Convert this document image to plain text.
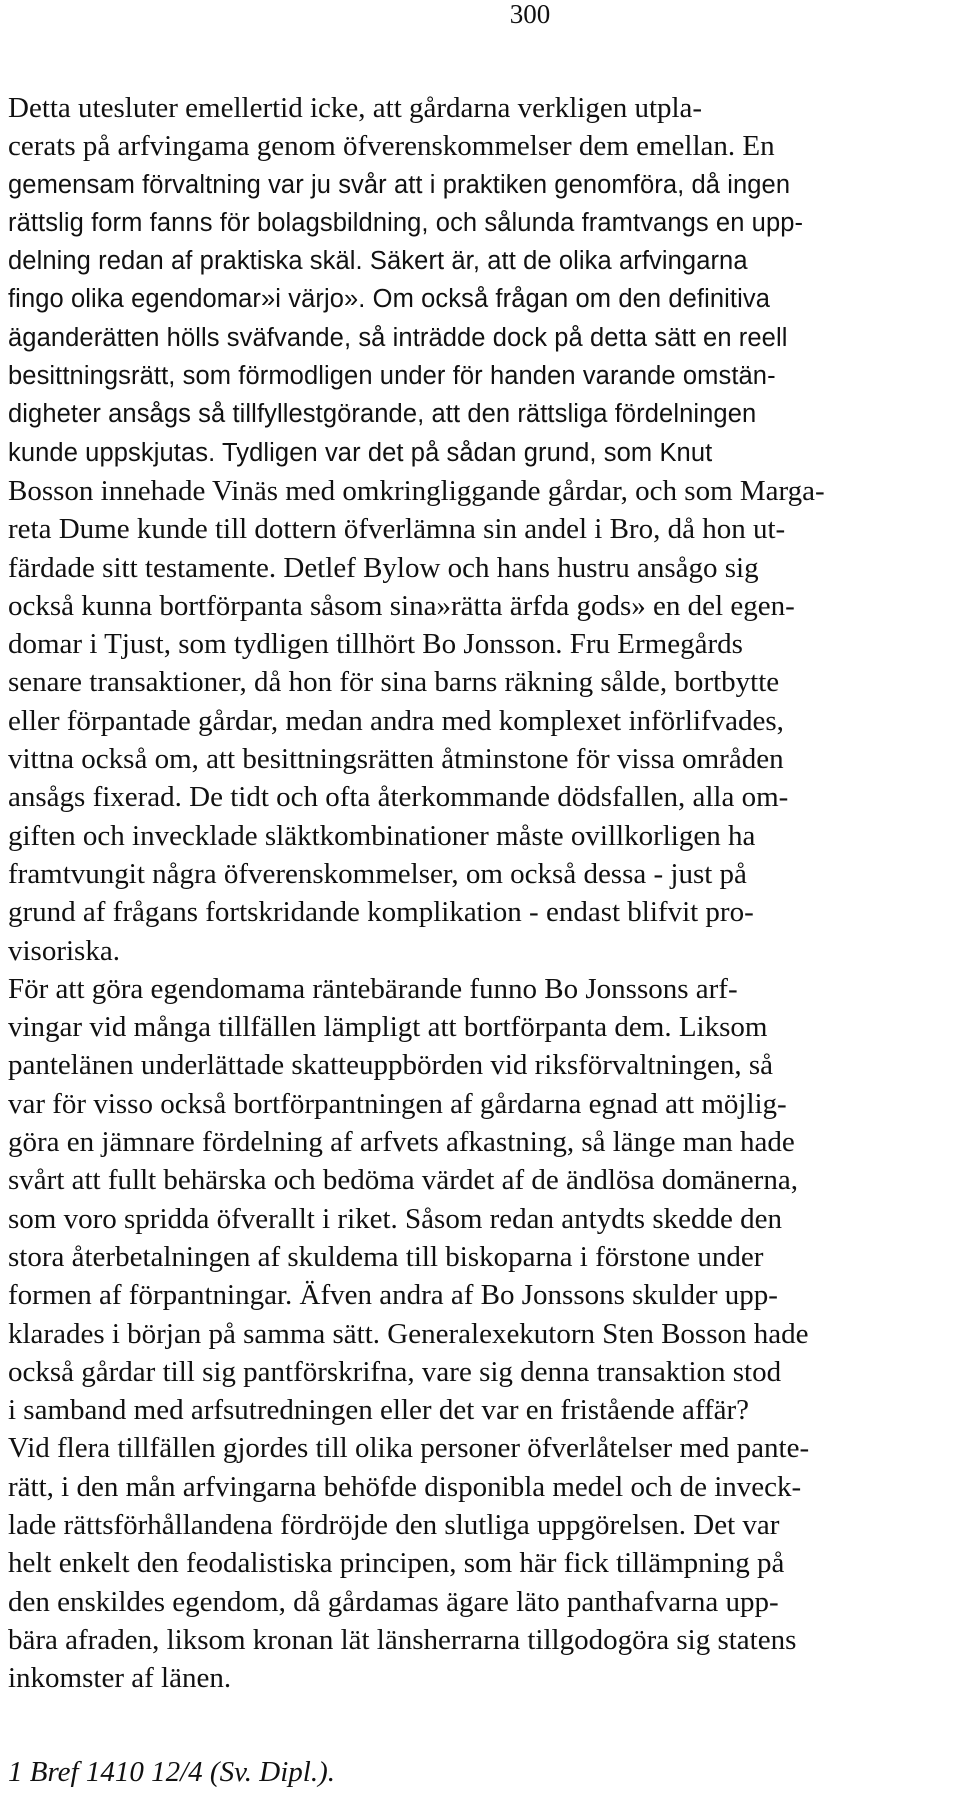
300
Detta utesluter emellertid icke, att gårdarna verkligen utpla-
cerats på arfvingama genom öfverenskommelser dem emellan. En
gemensam förvaltning var ju svår att i praktiken genomföra, då ingen
rättslig form fanns för bolagsbildning, och sålunda framtvangs en upp-
delning redan af praktiska skäl. Säkert är, att de olika arfvingarna
fingo olika egendomar»i värjo». Om också frågan om den definitiva
äganderätten hölls sväfvande, så inträdde dock på detta sätt en reell
besittningsrätt, som förmodligen under för handen varande omstän-
digheter ansågs så tillfyllestgörande, att den rättsliga fördelningen
kunde uppskjutas. Tydligen var det på sådan grund, som Knut
Bosson innehade Vinäs med omkringliggande gårdar, och som Marga-
reta Dume kunde till dottern öfverlämna sin andel i Bro, då hon ut-
färdade sitt testamente. Detlef Bylow och hans hustru ansågo sig
också kunna bortförpanta såsom sina»rätta ärfda gods» en del egen-
domar i Tjust, som tydligen tillhört Bo Jonsson. Fru Ermegårds
senare transaktioner, då hon för sina barns räkning sålde, bortbytte
eller förpantade gårdar, medan andra med komplexet införlifvades,
vittna också om, att besittningsrätten åtminstone för vissa områden
ansågs fixerad. De tidt och ofta återkommande dödsfallen, alla om-
giften och invecklade släktkombinationer måste ovillkorligen ha
framtvungit några öfverenskommelser, om också dessa - just på
grund af frågans fortskridande komplikation - endast blifvit pro-
visoriska.
För att göra egendomama räntebärande funno Bo Jonssons arf-
vingar vid många tillfällen lämpligt att bortförpanta dem. Liksom
pantelänen underlättade skatteuppbörden vid riksförvaltningen, så
var för visso också bortförpantningen af gårdarna egnad att möjlig-
göra en jämnare fördelning af arfvets afkastning, så länge man hade
svårt att fullt behärska och bedöma värdet af de ändlösa domänerna,
som voro spridda öfverallt i riket. Såsom redan antydts skedde den
stora återbetalningen af skuldema till biskoparna i förstone under
formen af förpantningar. Äfven andra af Bo Jonssons skulder upp-
klarades i början på samma sätt. Generalexekutorn Sten Bosson hade
också gårdar till sig pantförskrifna, vare sig denna transaktion stod
i samband med arfsutredningen eller det var en fristående affär?
Vid flera tillfällen gjordes till olika personer öfverlåtelser med pante-
rätt, i den mån arfvingarna behöfde disponibla medel och de inveck-
lade rättsförhållandena fördröjde den slutliga uppgörelsen. Det var
helt enkelt den feodalistiska principen, som här fick tillämpning på
den enskildes egendom, då gårdamas ägare läto panthafvarna upp-
bära afraden, liksom kronan lät länsherrarna tillgodogöra sig statens
inkomster af länen.
1 Bref 1410 12/4 (Sv. Dipl.).
